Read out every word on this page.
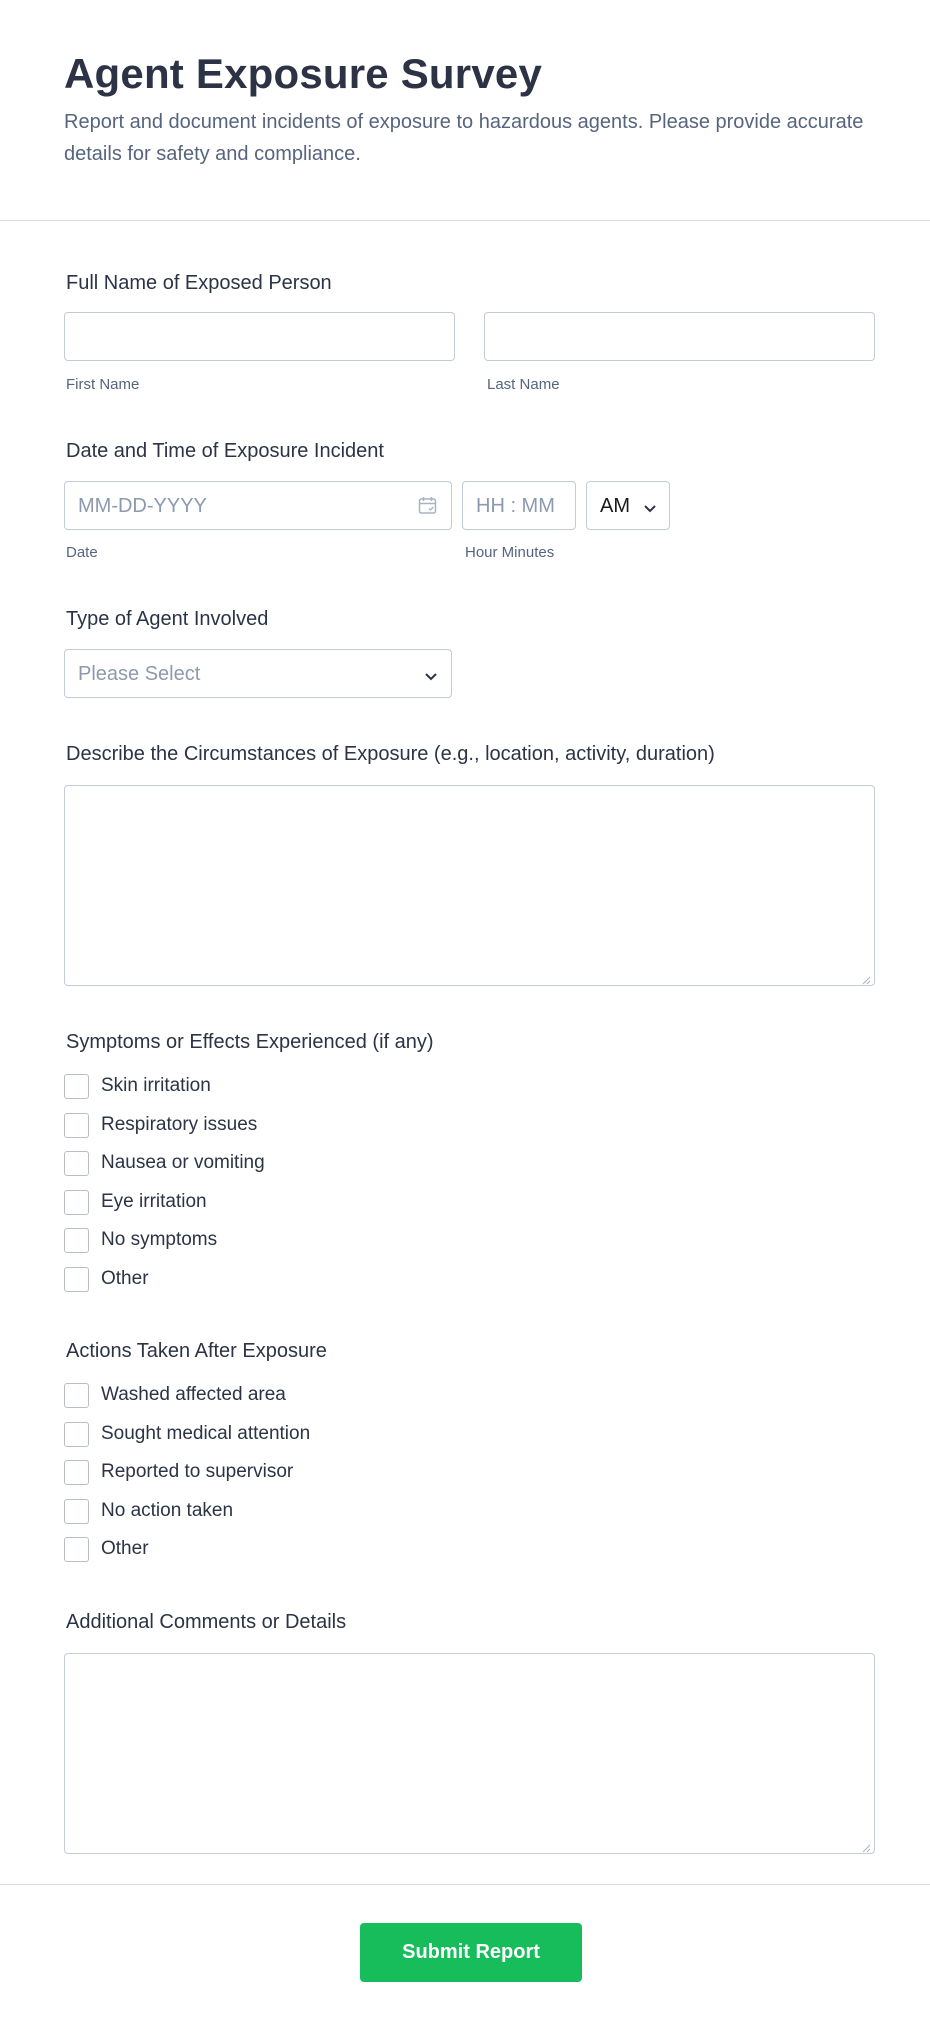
Agent Exposure Survey

Report and document incidents of exposure to hazardous agents. Please provide accurate details for safety and compliance.

Full Name of Exposed Person
First Name	Last Name
Date and Time of Exposure Incident
MM-DD-YYYY	HH : MM AM
Date	Hour Minutes
Type of Agent Involved
Please Select
Describe the Circumstances of Exposure (e.g., location, activity, duration)
Symptoms or Effects Experienced (if any)
Skin irritation
Respiratory issues
Nausea or vomiting
Eye irritation
No symptoms
Other
Actions Taken After Exposure
Washed affected area
Sought medical attention
Reported to supervisor
No action taken
Other
Additional Comments or Details
Submit Report
